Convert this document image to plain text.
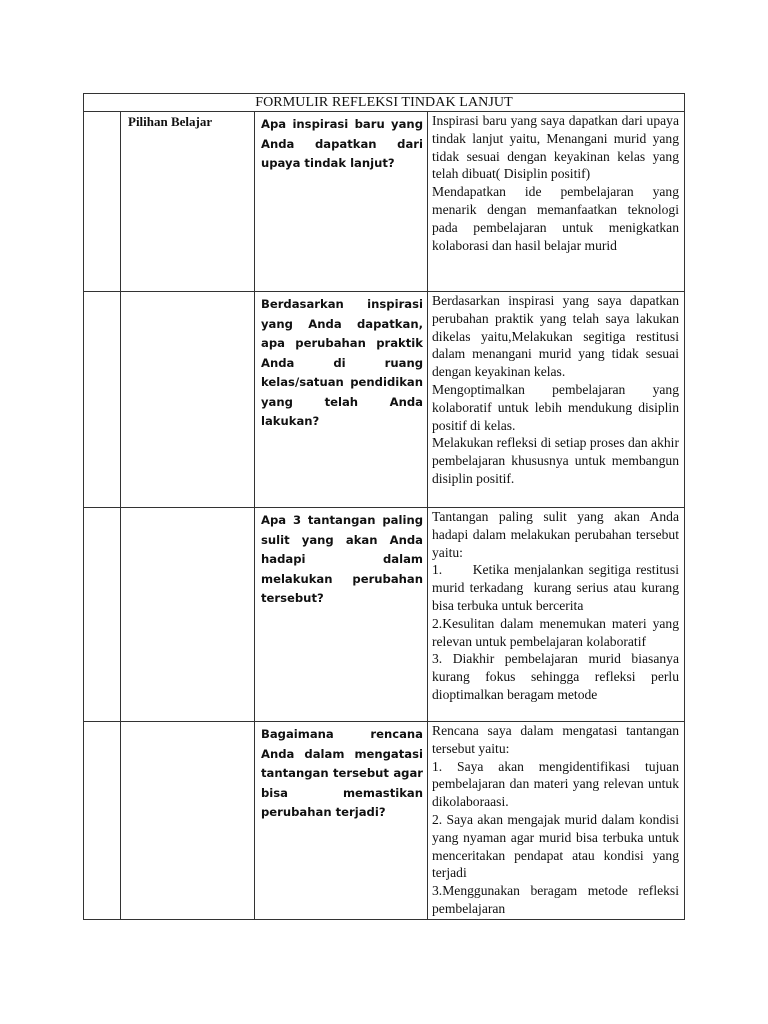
FORMULIR REFLEKSI TINDAK LANJUT			

	Pilihan Belajar	Apa inspirasi baru yang Anda dapatkan dari upaya tindak lanjut?	Inspirasi baru yang saya dapatkan dari upaya tindak lanjut yaitu, Menangani murid yang tidak sesuai dengan keyakinan kelas yang telah dibuat( Disiplin positif)

Mendapatkan ide pembelajaran yang menarik dengan memanfaatkan teknologi pada pembelajaran untuk menigkatkan kolaborasi dan hasil belajar murid

		Berdasarkan inspirasi yang Anda dapatkan, apa perubahan praktik Anda di ruang kelas/satuan pendidikan yang telah Anda lakukan?	Berdasarkan inspirasi yang saya dapatkan perubahan praktik yang telah saya lakukan dikelas yaitu,Melakukan segitiga restitusi dalam menangani murid yang tidak sesuai dengan keyakinan kelas.

Mengoptimalkan pembelajaran yang kolaboratif untuk lebih mendukung disiplin positif di kelas.

Melakukan refleksi di setiap proses dan akhir pembelajaran khususnya untuk membangun disiplin positif.

		Apa 3 tantangan paling sulit yang akan Anda hadapi dalam melakukan perubahan tersebut?	Tantangan paling sulit yang akan Anda hadapi dalam melakukan perubahan tersebut yaitu:

1.      Ketika menjalankan segitiga restitusi murid terkadang  kurang serius atau kurang bisa terbuka untuk bercerita

2.Kesulitan dalam menemukan materi yang relevan untuk pembelajaran kolaboratif

3. Diakhir pembelajaran murid biasanya kurang fokus sehingga refleksi perlu dioptimalkan beragam metode

		Bagaimana rencana Anda dalam mengatasi tantangan tersebut agar bisa memastikan perubahan terjadi?	Rencana saya dalam mengatasi tantangan tersebut yaitu:

1. Saya akan mengidentifikasi tujuan pembelajaran dan materi yang relevan untuk dikolaboraasi.

2. Saya akan mengajak murid dalam kondisi yang nyaman agar murid bisa terbuka untuk menceritakan pendapat atau kondisi yang terjadi

3.Menggunakan beragam metode refleksi pembelajaran
